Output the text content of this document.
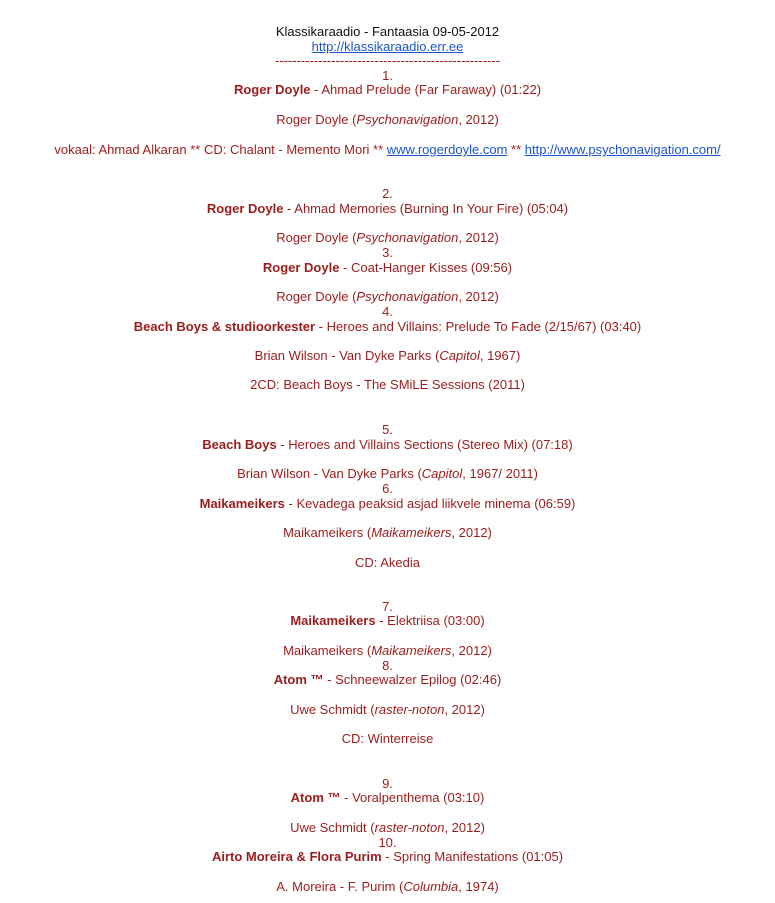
Klassikaraadio - Fantaasia 09-05-2012
http://klassikaraadio.err.ee
----------------------------------------------------
1.
Roger Doyle - Ahmad Prelude (Far Faraway) (01:22)
Roger Doyle (Psychonavigation, 2012)
vokaal: Ahmad Alkaran ** CD: Chalant - Memento Mori ** www.rogerdoyle.com ** http://www.psychonavigation.com/
2.
Roger Doyle - Ahmad Memories (Burning In Your Fire) (05:04)
Roger Doyle (Psychonavigation, 2012)
3.
Roger Doyle - Coat-Hanger Kisses (09:56)
Roger Doyle (Psychonavigation, 2012)
4.
Beach Boys & studioorkester - Heroes and Villains: Prelude To Fade (2/15/67) (03:40)
Brian Wilson - Van Dyke Parks (Capitol, 1967)
2CD: Beach Boys - The SMiLE Sessions (2011)
5.
Beach Boys - Heroes and Villains Sections (Stereo Mix) (07:18)
Brian Wilson - Van Dyke Parks (Capitol, 1967/ 2011)
6.
Maikameikers - Kevadega peaksid asjad liikvele minema (06:59)
Maikameikers (Maikameikers, 2012)
CD: Akedia
7.
Maikameikers - Elektriisa (03:00)
Maikameikers (Maikameikers, 2012)
8.
Atom ™ - Schneewalzer Epilog (02:46)
Uwe Schmidt (raster-noton, 2012)
CD: Winterreise
9.
Atom ™ - Voralpenthema (03:10)
Uwe Schmidt (raster-noton, 2012)
10.
Airto Moreira & Flora Purim - Spring Manifestations (01:05)
A. Moreira - F. Purim (Columbia, 1974)
